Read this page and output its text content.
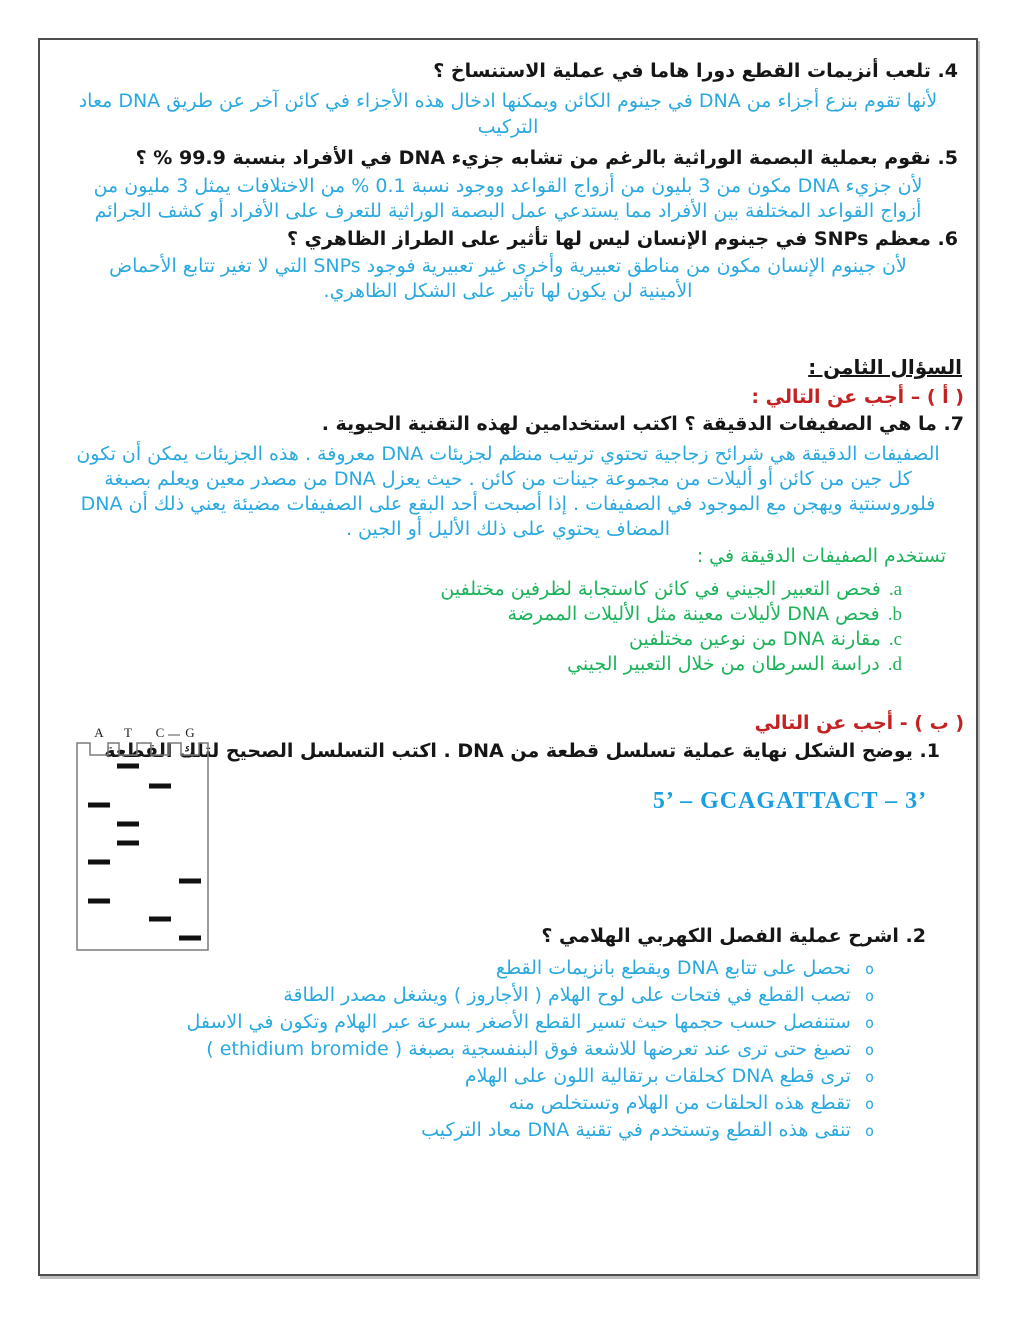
4. تلعب أنزيمات القطع دورا هاما في عملية الاستنساخ ؟
لأنها تقوم بنزع أجزاء من DNA في جينوم الكائن ويمكنها ادخال هذه الأجزاء في كائن آخر عن طريق DNA معاد
التركيب
5. نقوم بعملية البصمة الوراثية بالرغم من تشابه جزيء DNA في الأفراد بنسبة 99.9 % ؟
لأن جزيء DNA مكون من 3 بليون من أزواج القواعد ووجود نسبة 0.1 % من الاختلافات يمثل 3 مليون من
أزواج القواعد المختلفة بين الأفراد مما يستدعي عمل البصمة الوراثية للتعرف على الأفراد أو كشف الجرائم
6. معظم SNPs في جينوم الإنسان ليس لها تأثير على الطراز الظاهري ؟
لأن جينوم الإنسان مكون من مناطق تعبيرية وأخرى غير تعبيرية فوجود SNPs التي لا تغير تتابع الأحماض
الأمينية لن يكون لها تأثير على الشكل الظاهري.
السؤال الثامن :
( أ ) – أجب عن التالي :
7. ما هي الصفيفات الدقيقة ؟ اكتب استخدامين لهذه التقنية الحيوية .
الصفيفات الدقيقة هي شرائح زجاجية تحتوي ترتيب منظم لجزيئات DNA معروفة . هذه الجزيئات يمكن أن تكون
كل جين من كائن أو أليلات من مجموعة جينات من كائن . حيث يعزل DNA من مصدر معين ويعلم بصبغة
فلوروسنتية ويهجن مع الموجود في الصفيفات . إذا أصبحت أحد البقع على الصفيفات مضيئة يعني ذلك أن DNA
المضاف يحتوي على ذلك الأليل أو الجين .
تستخدم الصفيفات الدقيقة في :
a.فحص التعبير الجيني في كائن كاستجابة لظرفين مختلفين
b.فحص DNA لأليلات معينة مثل الأليلات الممرضة
c.مقارنة DNA من نوعين مختلفين
d.دراسة السرطان من خلال التعبير الجيني
( ب ) - أجب عن التالي
1. يوضح الشكل نهاية عملية تسلسل قطعة من DNA . اكتب التسلسل الصحيح لتلك القطعة
A T C G
5’ – GCAGATTACT – 3’
2. اشرح عملية الفصل الكهربي الهلامي ؟
oنحصل على تتابع DNA ويقطع بانزيمات القطع
oتصب القطع في فتحات على لوح الهلام ( الأجاروز ) ويشغل مصدر الطاقة
oستنفصل حسب حجمها حيث تسير القطع الأصغر بسرعة عبر الهلام وتكون في الاسفل
oتصبغ حتى ترى عند تعرضها للاشعة فوق البنفسجية بصبغة ( ethidium bromide )
oترى قطع DNA كحلقات برتقالية اللون على الهلام
oتقطع هذه الحلقات من الهلام وتستخلص منه
oتنقى هذه القطع وتستخدم في تقنية DNA معاد التركيب
